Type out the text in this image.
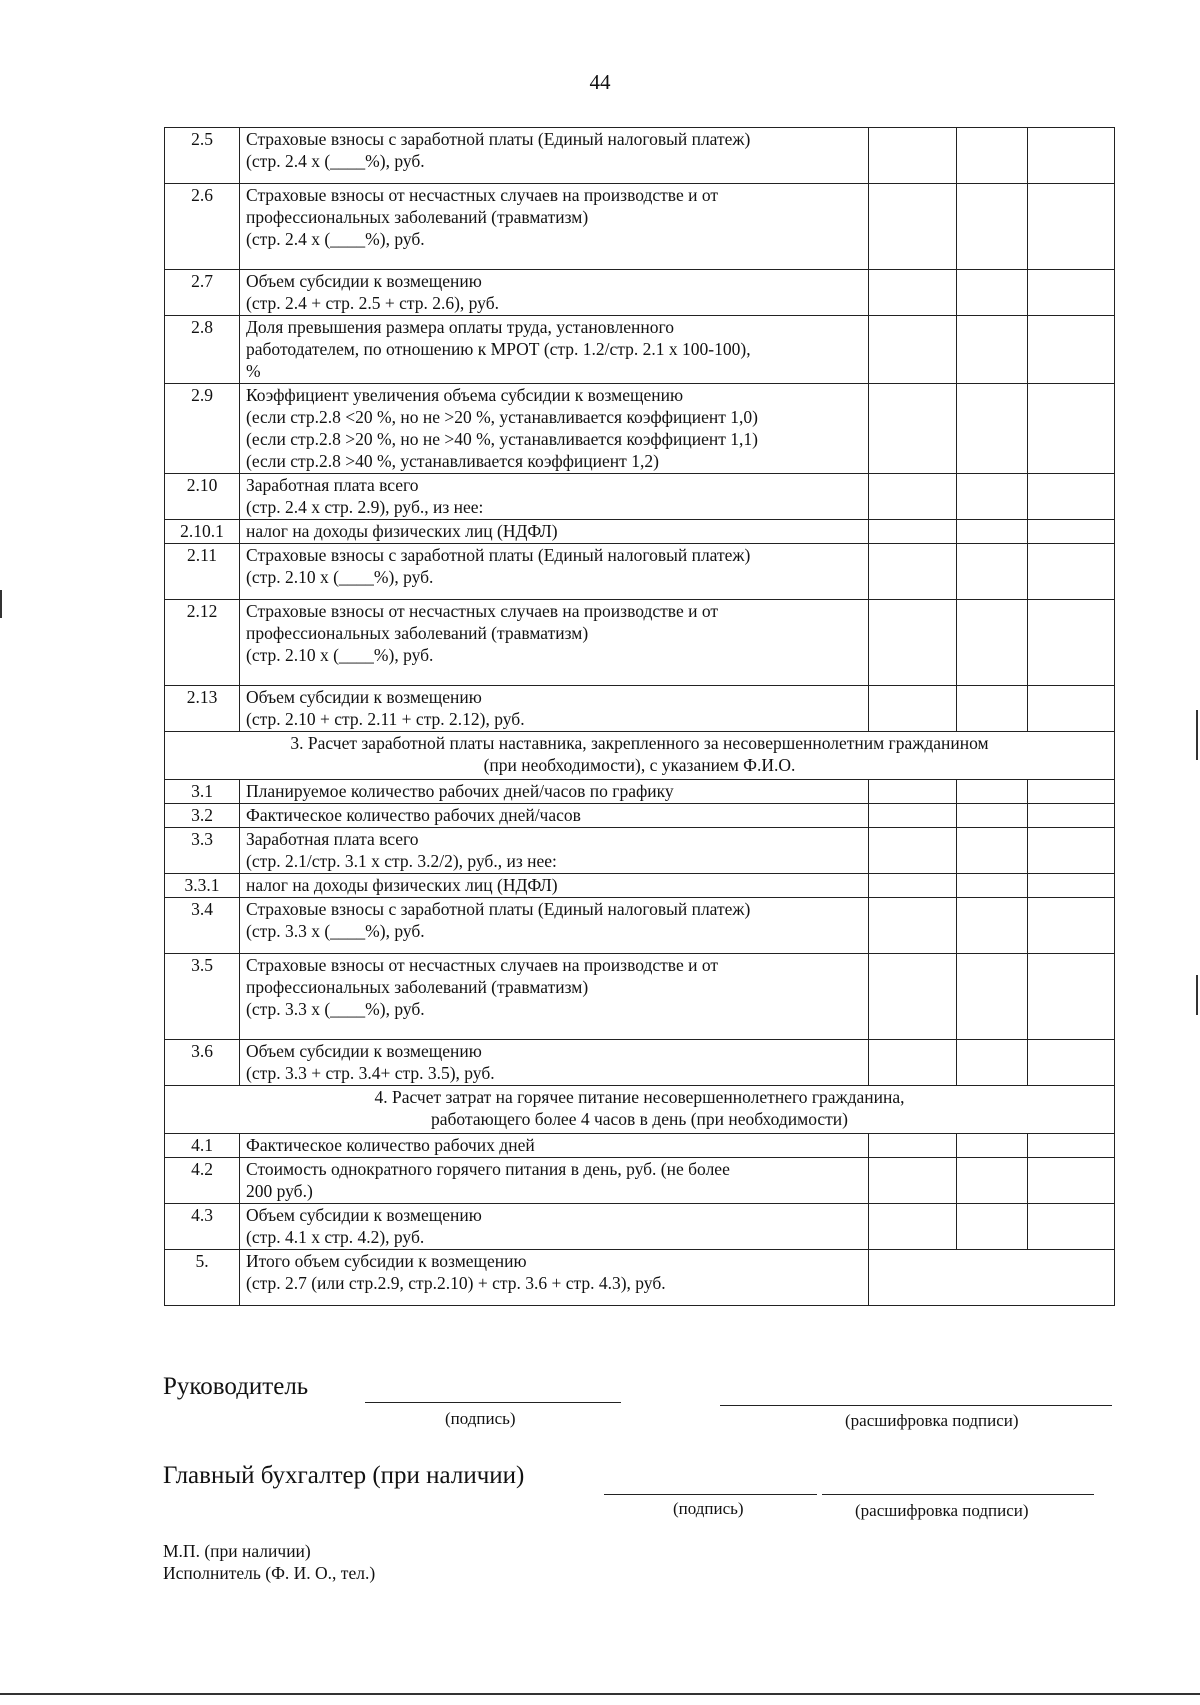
44
2.5	Страховые взносы с заработной платы (Единый налоговый платеж)
(стр. 2.4 х (____%), руб.			

2.6	Страховые взносы от несчастных случаев на производстве и от
профессиональных заболеваний (травматизм)
(стр. 2.4 х (____%), руб.			

2.7	Объем субсидии к возмещению
(стр. 2.4 + стр. 2.5 + стр. 2.6), руб.			

2.8	Доля превышения размера оплаты труда, установленного
работодателем, по отношению к МРОТ (стр. 1.2/стр. 2.1 х 100-100),
%			

2.9	Коэффициент увеличения объема субсидии к возмещению
(если стр.2.8 <20 %, но не >20 %, устанавливается коэффициент 1,0)
(если стр.2.8 >20 %, но не >40 %, устанавливается коэффициент 1,1)
(если стр.2.8 >40 %, устанавливается коэффициент 1,2)			

2.10	Заработная плата всего
(стр. 2.4 х стр. 2.9), руб., из нее:			

2.10.1	налог на доходы физических лиц (НДФЛ)			

2.11	Страховые взносы с заработной платы (Единый налоговый платеж)
(стр. 2.10 х (____%), руб.			

2.12	Страховые взносы от несчастных случаев на производстве и от
профессиональных заболеваний (травматизм)
(стр. 2.10 х (____%), руб.			

2.13	Объем субсидии к возмещению
(стр. 2.10 + стр. 2.11 + стр. 2.12), руб.			

3. Расчет заработной платы наставника, закрепленного за несовершеннолетним гражданином
(при необходимости), с указанием Ф.И.О.				

3.1	Планируемое количество рабочих дней/часов по графику			

3.2	Фактическое количество рабочих дней/часов			

3.3	Заработная плата всего
(стр. 2.1/стр. 3.1 х стр. 3.2/2), руб., из нее:			

3.3.1	налог на доходы физических лиц (НДФЛ)			

3.4	Страховые взносы с заработной платы (Единый налоговый платеж)
(стр. 3.3 х (____%), руб.			

3.5	Страховые взносы от несчастных случаев на производстве и от
профессиональных заболеваний (травматизм)
(стр. 3.3 х (____%), руб.			

3.6	Объем субсидии к возмещению
(стр. 3.3 + стр. 3.4+ стр. 3.5), руб.			

4. Расчет затрат на горячее питание несовершеннолетнего гражданина,
работающего более 4 часов в день (при необходимости)				

4.1	Фактическое количество рабочих дней			

4.2	Стоимость однократного горячего питания в день, руб. (не более
200 руб.)			

4.3	Объем субсидии к возмещению
(стр. 4.1 х стр. 4.2), руб.			

5.	Итого объем субсидии к возмещению
(стр. 2.7 (или стр.2.9, стр.2.10) + стр. 3.6 + стр. 4.3), руб.			

Руководитель
(подпись)	(расшифровка подписи)
Главный бухгалтер (при наличии)
(подпись)	(расшифровка подписи)
М.П. (при наличии)
Исполнитель (Ф. И. О., тел.)
